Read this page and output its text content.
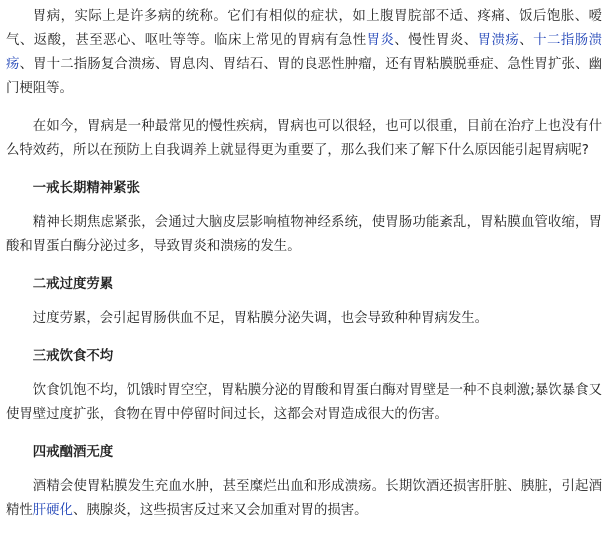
胃病，实际上是许多病的统称。它们有相似的症状，如上腹胃脘部不适、疼痛、饭后饱胀、嗳气、返酸，甚至恶心、呕吐等等。临床上常见的胃病有急性胃炎、慢性胃炎、胃溃疡、十二指肠溃疡、胃十二指肠复合溃疡、胃息肉、胃结石、胃的良恶性肿瘤，还有胃粘膜脱垂症、急性胃扩张、幽门梗阻等。

在如今，胃病是一种最常见的慢性疾病，胃病也可以很轻，也可以很重，目前在治疗上也没有什么特效药，所以在预防上自我调养上就显得更为重要了，那么我们来了解下什么原因能引起胃病呢?

一戒长期精神紧张

精神长期焦虑紧张，会通过大脑皮层影响植物神经系统，使胃肠功能紊乱，胃粘膜血管收缩，胃酸和胃蛋白酶分泌过多，导致胃炎和溃疡的发生。

二戒过度劳累

过度劳累，会引起胃肠供血不足，胃粘膜分泌失调，也会导致种种胃病发生。

三戒饮食不均

饮食饥饱不均，饥饿时胃空空，胃粘膜分泌的胃酸和胃蛋白酶对胃壁是一种不良刺激;暴饮暴食又使胃壁过度扩张，食物在胃中停留时间过长，这都会对胃造成很大的伤害。

四戒酗酒无度

酒精会使胃粘膜发生充血水肿，甚至糜烂出血和形成溃疡。长期饮酒还损害肝脏、胰脏，引起酒精性肝硬化、胰腺炎，这些损害反过来又会加重对胃的损害。
